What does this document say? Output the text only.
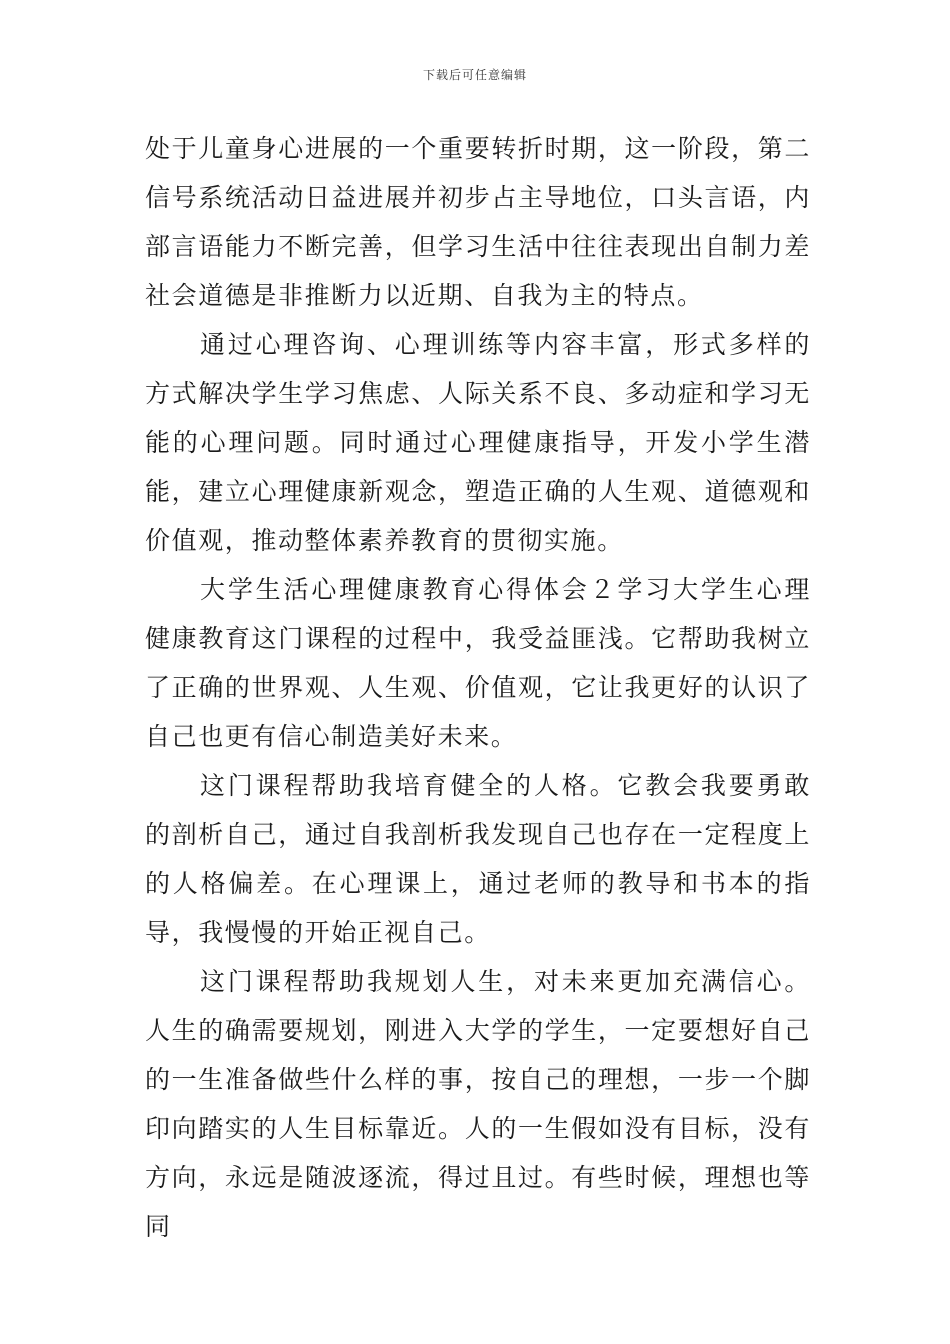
下载后可任意编辑

处于儿童身心进展的一个重要转折时期，这一阶段，第二信号系统活动日益进展并初步占主导地位，口头言语，内部言语能力不断完善，但学习生活中往往表现出自制力差社会道德是非推断力以近期、自我为主的特点。

通过心理咨询、心理训练等内容丰富，形式多样的方式解决学生学习焦虑、人际关系不良、多动症和学习无能的心理问题。同时通过心理健康指导，开发小学生潜能，建立心理健康新观念，塑造正确的人生观、道德观和价值观，推动整体素养教育的贯彻实施。

大学生活心理健康教育心得体会２学习大学生心理健康教育这门课程的过程中，我受益匪浅。它帮助我树立了正确的世界观、人生观、价值观，它让我更好的认识了自己也更有信心制造美好未来。

这门课程帮助我培育健全的人格。它教会我要勇敢的剖析自己，通过自我剖析我发现自己也存在一定程度上的人格偏差。在心理课上，通过老师的教导和书本的指导，我慢慢的开始正视自己。

这门课程帮助我规划人生，对未来更加充满信心。人生的确需要规划，刚进入大学的学生，一定要想好自己的一生准备做些什么样的事，按自己的理想，一步一个脚印向踏实的人生目标靠近。人的一生假如没有目标，没有方向，永远是随波逐流，得过且过。有些时候，理想也等同
